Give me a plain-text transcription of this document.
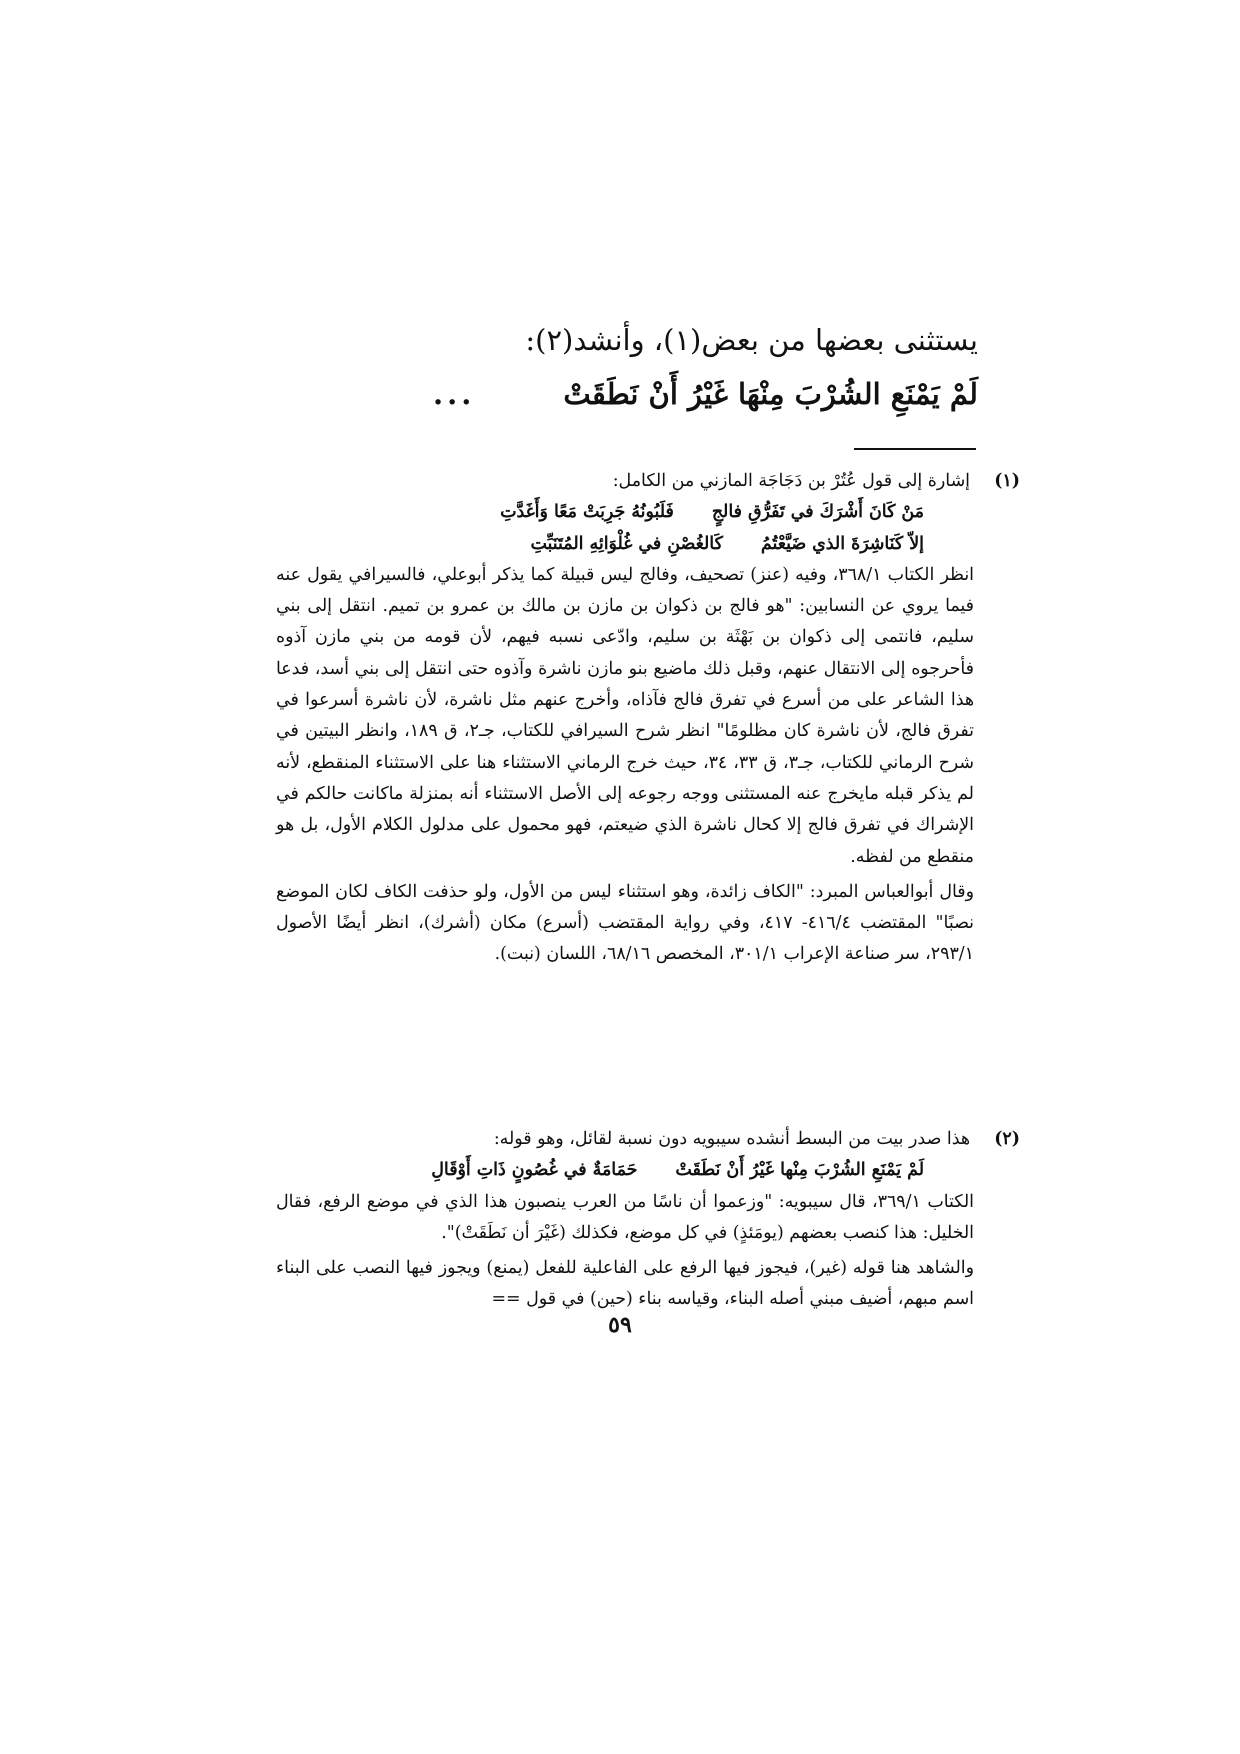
يستثنى بعضها من بعض(١)، وأنشد(٢):
لَمْ يَمْنَعِ الشُرْبَ مِنْهَا غَيْرُ أَنْ نَطَقَتْ ...
(١)

إشارة إلى قول عُتُرْ بن دَجَاجَة المازني من الكامل:

مَنْ كَانَ أَشْرَكَ في تَفَرُّقِ فالجٍ
فَلَبُونُهُ جَرِبَتْ مَعًا وَأَغَدَّتِ
إلاّ كَنَاشِرَةَ الذي ضَيَّعْتُمُ
كَالغُصْنِ في غُلْوَائِهِ المُتَنَبِّتِ

انظر الكتاب ٣٦٨/١، وفيه (عنز) تصحيف، وفالج ليس قبيلة كما يذكر أبوعلي، فالسيرافي يقول عنه فيما يروي عن النسابين: "هو فالج بن ذكوان بن مازن بن مالك بن عمرو بن تميم. انتقل إلى بني سليم، فانتمى إلى ذكوان بن بَهْثَة بن سليم، وادّعى نسبه فيهم، لأن قومه من بني مازن آذوه فأحرجوه إلى الانتقال عنهم، وقبل ذلك ماضيع بنو مازن ناشرة وآذوه حتى انتقل إلى بني أسد، فدعا هذا الشاعر على من أسرع في تفرق فالج فآذاه، وأخرج عنهم مثل ناشرة، لأن ناشرة أسرعوا في تفرق فالج، لأن ناشرة كان مظلومًا" انظر شرح السيرافي للكتاب، جـ٢، ق ١٨٩، وانظر البيتين في شرح الرماني للكتاب، جـ٣، ق ٣٣، ٣٤، حيث خرج الرماني الاستثناء هنا على الاستثناء المنقطع، لأنه لم يذكر قبله مايخرج عنه المستثنى ووجه رجوعه إلى الأصل الاستثناء أنه بمنزلة ماكانت حالكم في الإشراك في تفرق فالج إلا كحال ناشرة الذي ضيعتم، فهو محمول على مدلول الكلام الأول، بل هو منقطع من لفظه.

وقال أبوالعباس المبرد: "الكاف زائدة، وهو استثناء ليس من الأول، ولو حذفت الكاف لكان الموضع نصبًا" المقتضب ٤١٦/٤- ٤١٧، وفي رواية المقتضب (أسرع) مكان (أشرك)، انظر أيضًا الأصول ٢٩٣/١، سر صناعة الإعراب ٣٠١/١، المخصص ٦٨/١٦، اللسان (نبت).

(٢)

هذا صدر بيت من البسط أنشده سيبويه دون نسبة لقائل، وهو قوله:

لَمْ يَمْنَعِ الشُرْبَ مِنْها غَيْرُ أَنْ نَطَقَتْ
حَمَامَةٌ في غُصُونٍ ذَاتِ أَوْقَالِ

الكتاب ٣٦٩/١، قال سيبويه: "وزعموا أن ناسًا من العرب ينصبون هذا الذي في موضع الرفع، فقال الخليل: هذا كنصب بعضهم (يومَئذٍ) في كل موضع، فكذلك (غَيْرَ أن نَطَقَتْ)".

والشاهد هنا قوله (غير)، فيجوز فيها الرفع على الفاعلية للفعل (يمنع) ويجوز فيها النصب على البناء اسم مبهم، أضيف مبني أصله البناء، وقياسه بناء (حين) في قول ==

٥٩
